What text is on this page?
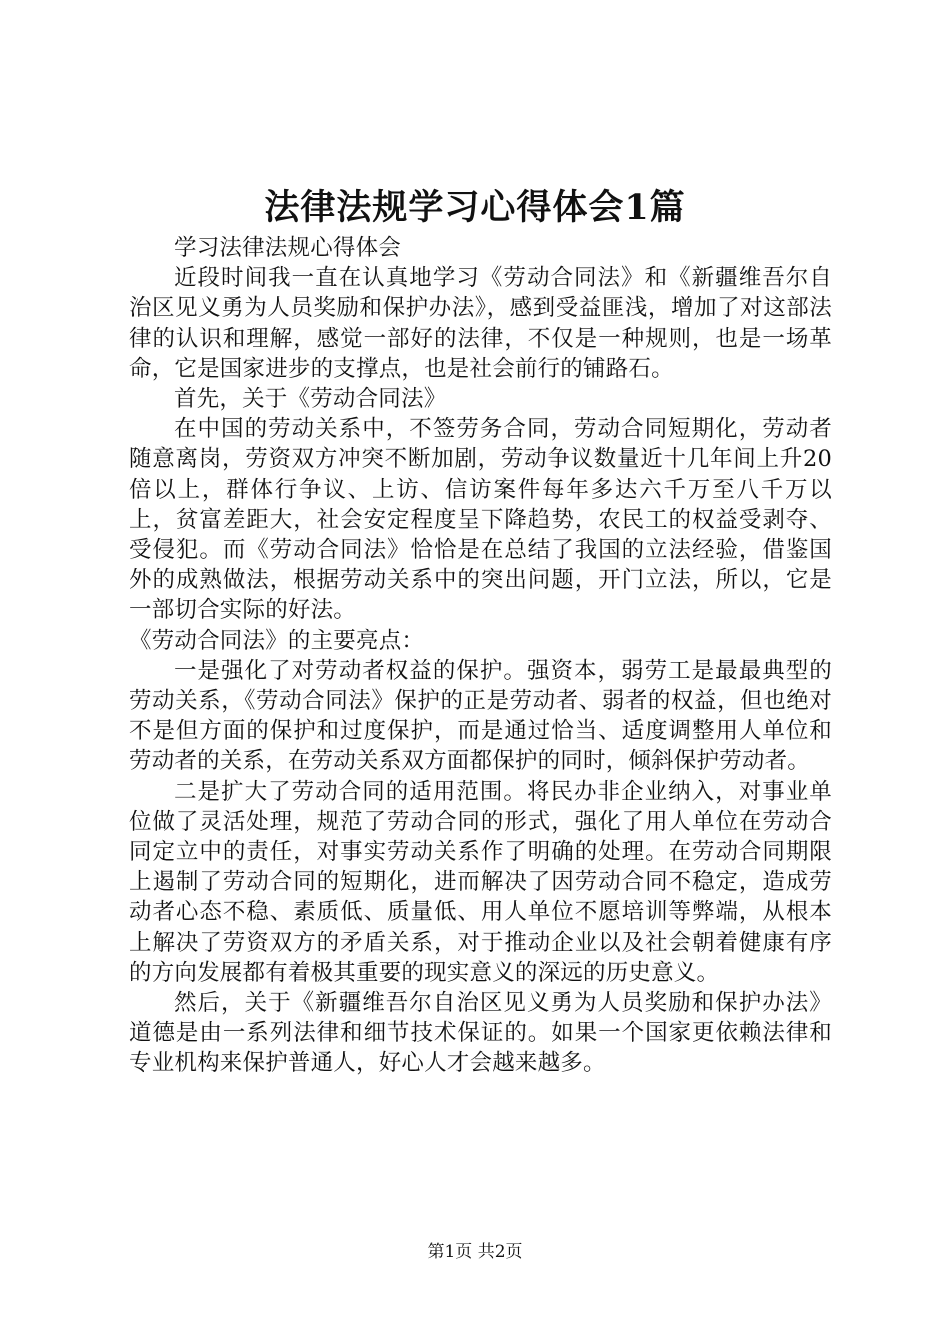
法律法规学习心得体会1篇

学习法律法规心得体会

近段时间我一直在认真地学习《劳动合同法》和《新疆维吾尔自治区见义勇为人员奖励和保护办法》，感到受益匪浅，增加了对这部法律的认识和理解，感觉一部好的法律，不仅是一种规则，也是一场革命，它是国家进步的支撑点，也是社会前行的铺路石。

首先，关于《劳动合同法》

在中国的劳动关系中，不签劳务合同，劳动合同短期化，劳动者随意离岗，劳资双方冲突不断加剧，劳动争议数量近十几年间上升20倍以上，群体行争议、上访、信访案件每年多达六千万至八千万以上，贫富差距大，社会安定程度呈下降趋势，农民工的权益受剥夺、受侵犯。而《劳动合同法》恰恰是在总结了我国的立法经验，借鉴国外的成熟做法，根据劳动关系中的突出问题，开门立法，所以，它是一部切合实际的好法。

《劳动合同法》的主要亮点：

一是强化了对劳动者权益的保护。强资本，弱劳工是最最典型的劳动关系，《劳动合同法》保护的正是劳动者、弱者的权益，但也绝对不是但方面的保护和过度保护，而是通过恰当、适度调整用人单位和劳动者的关系，在劳动关系双方面都保护的同时，倾斜保护劳动者。

二是扩大了劳动合同的适用范围。将民办非企业纳入，对事业单位做了灵活处理，规范了劳动合同的形式，强化了用人单位在劳动合同定立中的责任，对事实劳动关系作了明确的处理。在劳动合同期限上遏制了劳动合同的短期化，进而解决了因劳动合同不稳定，造成劳动者心态不稳、素质低、质量低、用人单位不愿培训等弊端，从根本上解决了劳资双方的矛盾关系，对于推动企业以及社会朝着健康有序的方向发展都有着极其重要的现实意义的深远的历史意义。

然后，关于《新疆维吾尔自治区见义勇为人员奖励和保护办法》道德是由一系列法律和细节技术保证的。如果一个国家更依赖法律和专业机构来保护普通人，好心人才会越来越多。

第1页 共2页
